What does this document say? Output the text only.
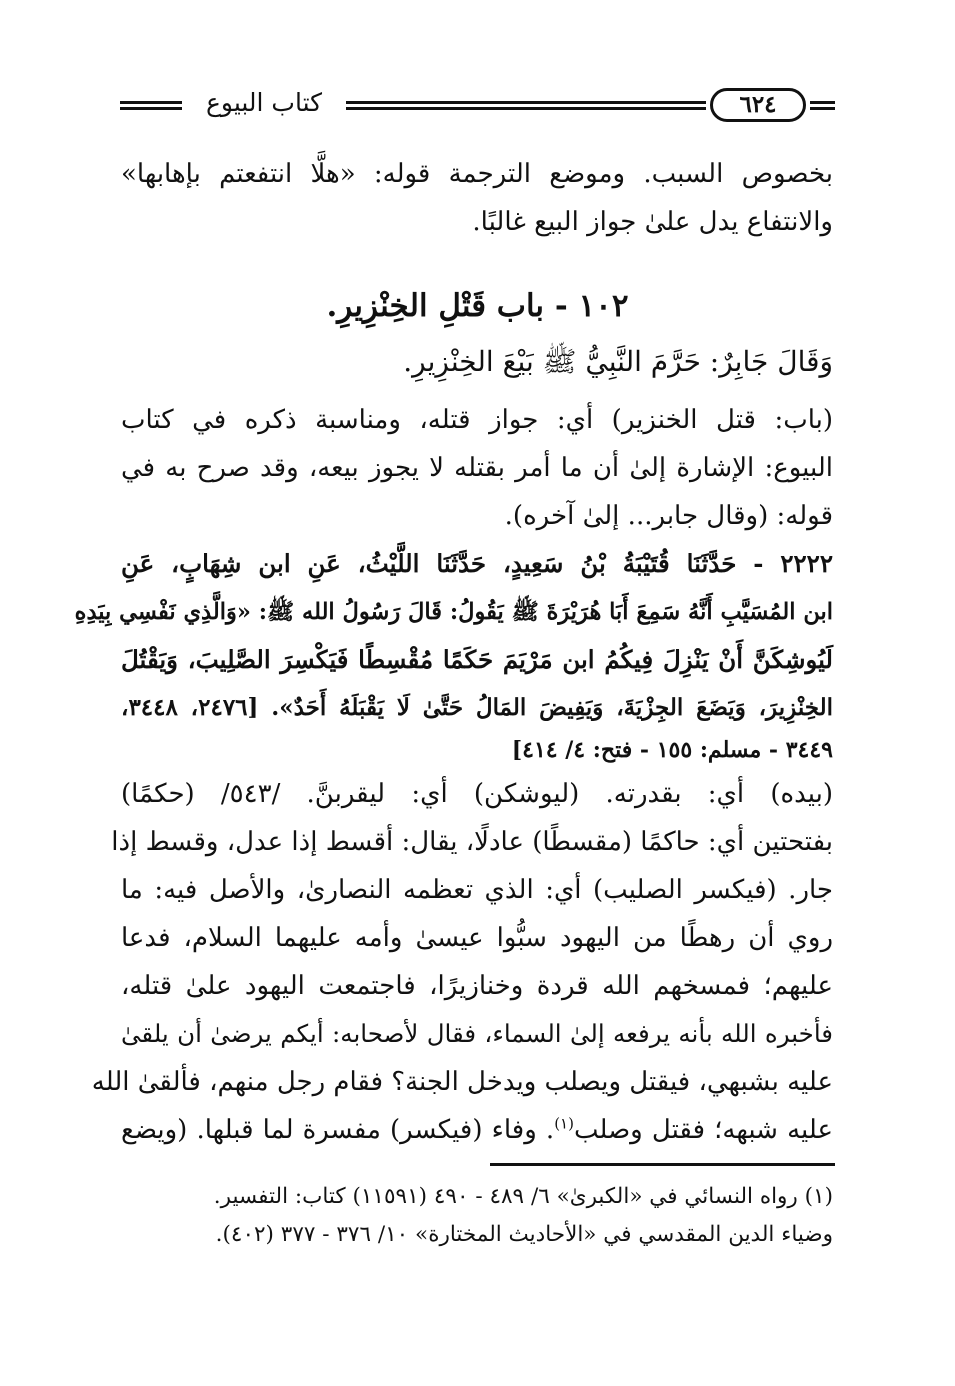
كتاب البيوع	٦٢٤
بخصوص السبب. وموضع الترجمة قوله: «هلَّا انتفعتم بإهابها»
والانتفاع يدل علىٰ جواز البيع غالبًا.
١٠٢ - باب قَتْلِ الخِنْزِيرِ.
وَقَالَ جَابِرٌ: حَرَّمَ النَّبِيُّ ﷺ بَيْعَ الخِنْزِيرِ.
(باب: قتل الخنزير) أي: جواز قتله، ومناسبة ذكره في كتاب
البيوع: الإشارة إلىٰ أن ما أمر بقتله لا يجوز بيعه، وقد صرح به في
قوله: (وقال جابر... إلىٰ آخره).
٢٢٢٢ - حَدَّثَنَا قُتَيْبَةُ بْنُ سَعِيدٍ، حَدَّثَنَا اللَّيْثُ، عَنِ ابن شِهَابٍ، عَنِ
ابن المُسَيَّبِ أَنَّهُ سَمِعَ أَبَا هُرَيْرَةَ ﷺ يَقُولُ: قَالَ رَسُولُ الله ﷺ: «وَالَّذِي نَفْسِي بِيَدِهِ
لَيُوشِكَنَّ أَنْ يَنْزِلَ فِيكُمُ ابن مَرْيَمَ حَكَمًا مُقْسِطًا فَيَكْسِرَ الصَّلِيبَ، وَيَقْتُلَ
الخِنْزِيرَ، وَيَضَعَ الجِزْيَةَ، وَيَفِيضَ المَالُ حَتَّىٰ لَا يَقْبَلَهُ أَحَدٌ». [٢٤٧٦، ٣٤٤٨،
٣٤٤٩ - مسلم: ١٥٥ - فتح: ٤/ ٤١٤]
(بيده) أي: بقدرته. (ليوشكن) أي: ليقربنَّ. /٥٤٣/ (حكمًا)
بفتحتين أي: حاكمًا (مقسطًا) عادلًا، يقال: أقسط إذا عدل، وقسط إذا
جار. (فيكسر الصليب) أي: الذي تعظمه النصارىٰ، والأصل فيه: ما
روي أن رهطًا من اليهود سبُّوا عيسىٰ وأمه عليهما السلام، فدعا
عليهم؛ فمسخهم الله قردة وخنازيرًا، فاجتمعت اليهود علىٰ قتله،
فأخبره الله بأنه يرفعه إلىٰ السماء، فقال لأصحابه: أيكم يرضىٰ أن يلقىٰ
عليه بشبهي، فيقتل ويصلب ويدخل الجنة؟ فقام رجل منهم، فألقىٰ الله
عليه شبهه؛ فقتل وصلب$^{(١)}$. وفاء (فيكسر) مفسرة لما قبلها. (ويضع
(١) رواه النسائي في «الكبرىٰ» ٦/ ٤٨٩ - ٤٩٠ (١١٥٩١) كتاب: التفسير.
وضياء الدين المقدسي في «الأحاديث المختارة» ١٠/ ٣٧٦ - ٣٧٧ (٤٠٢).
